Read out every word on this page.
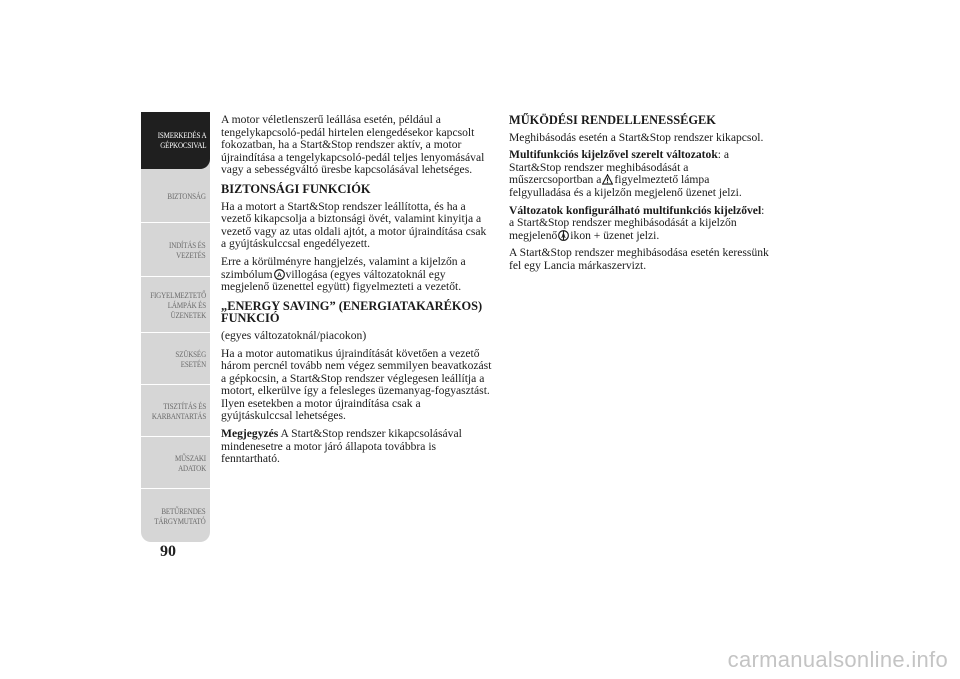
ISMERKEDÉS A
GÉPKOCSIVAL
BIZTONSÁG
INDÍTÁS ÉS
VEZETÉS
FIGYELMEZTETŐ
LÁMPÁK ÉS
ÜZENETEK
SZÜKSÉG ESETÉN
TISZTÍTÁS ÉS
KARBANTARTÁS
MŰSZAKI ADATOK
BETŰRENDES
TÁRGYMUTATÓ
90

A motor véletlenszerű leállása esetén, például a tengelykapcsoló-pedál hirtelen elengedésekor kapcsolt fokozatban, ha a Start&Stop rendszer aktív, a motor újraindítása a tengelykapcsoló-pedál teljes lenyomásával vagy a sebességváltó üresbe kapcsolásával lehetséges.

BIZTONSÁGI FUNKCIÓK

Ha a motort a Start&Stop rendszer leállította, és ha a vezető kikapcsolja a biztonsági övét, valamint kinyitja a vezető vagy az utas oldali ajtót, a motor újraindítása csak a gyújtáskulccsal engedélyezett.

Erre a körülményre hangjelzés, valamint a kijelzőn a szimbólum A villogása (egyes változatoknál egy megjelenő üzenettel együtt) figyelmezteti a vezetőt.

„ENERGY SAVING” (ENERGIATAKARÉKOS) FUNKCIÓ

(egyes változatoknál/piacokon)

Ha a motor automatikus újraindítását követően a vezető három percnél tovább nem végez semmilyen beavatkozást a gépkocsin, a Start&Stop rendszer véglegesen leállítja a motort, elkerülve így a felesleges üzemanyag-fogyasztást. Ilyen esetekben a motor újraindítása csak a gyújtáskulccsal lehetséges.

Megjegyzés A Start&Stop rendszer kikapcsolásával mindenesetre a motor járó állapota továbbra is fenntartható.

MŰKÖDÉSI RENDELLENESSÉGEK

Meghibásodás esetén a Start&Stop rendszer kikapcsol.

Multifunkciós kijelzővel szerelt változatok: a Start&Stop rendszer meghibásodását a műszercsoportban a figyelmeztető lámpa felgyulladása és a kijelzőn megjelenő üzenet jelzi.

Változatok konfigurálható multifunkciós kijelzővel: a Start&Stop rendszer meghibásodását a kijelzőn megjelenő A ikon + üzenet jelzi.

A Start&Stop rendszer meghibásodása esetén keressünk fel egy Lancia márkaszervizt.

carmanualsonline.info
